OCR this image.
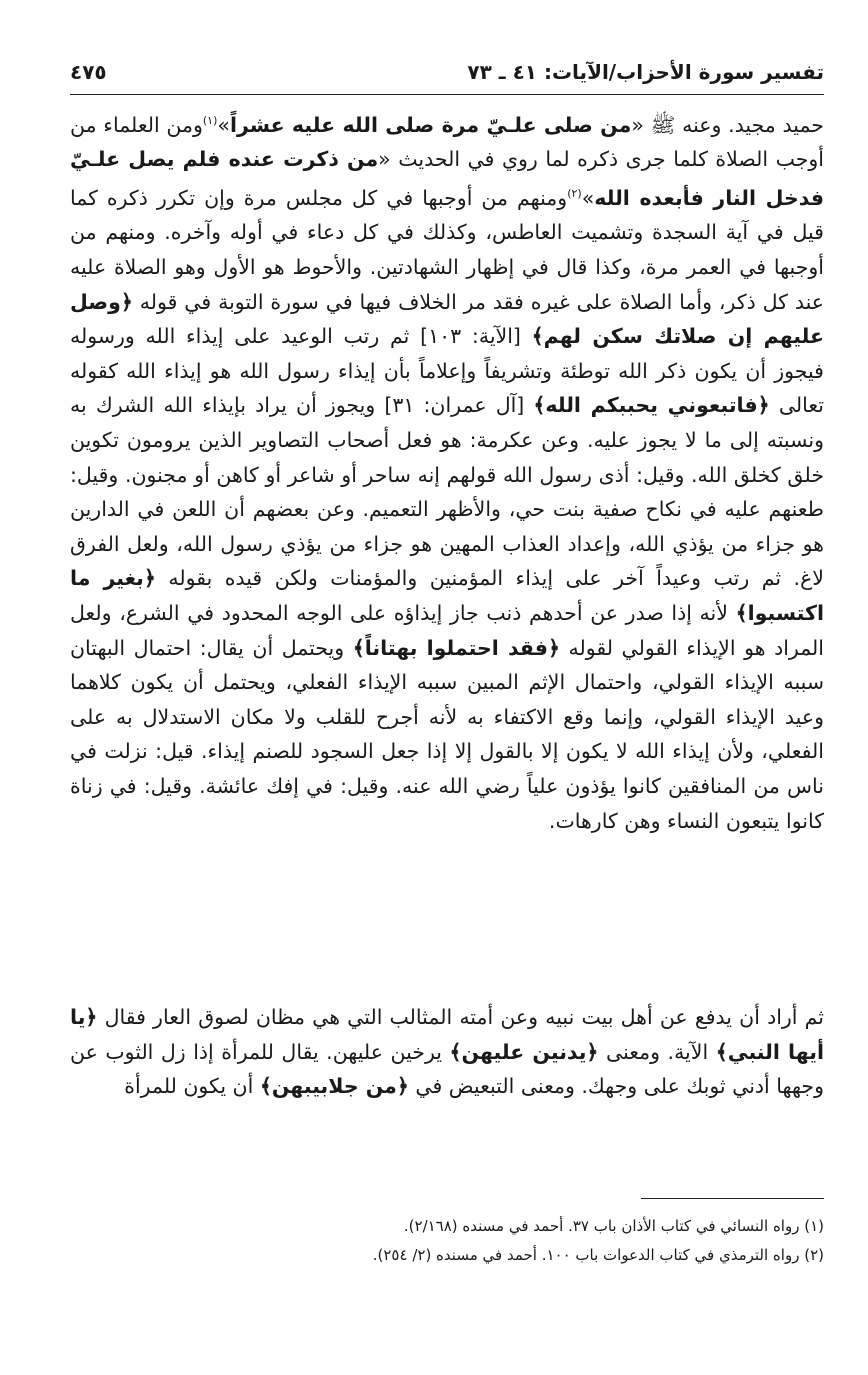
تفسير سورة الأحزاب/الآيات: ٤١ ـ ٧٣
٤٧٥

حميد مجيد. وعنه ﷺ «من صلى علـيّ مرة صلى الله عليه عشراً»$^{(١)}$ومن العلماء من أوجب الصلاة كلما جرى ذكره لما روي في الحديث «من ذكرت عنده فلم يصل علـيّ فدخل النار فأبعده الله»$^{(٢)}$ومنهم من أوجبها في كل مجلس مرة وإن تكرر ذكره كما قيل في آية السجدة وتشميت العاطس، وكذلك في كل دعاء في أوله وآخره. ومنهم من أوجبها في العمر مرة، وكذا قال في إظهار الشهادتين. والأحوط هو الأول وهو الصلاة عليه عند كل ذكر، وأما الصلاة على غيره فقد مر الخلاف فيها في سورة التوبة في قوله ﴿وصل عليهم إن صلاتك سكن لهم﴾ [الآية: ١٠٣] ثم رتب الوعيد على إيذاء الله ورسوله فيجوز أن يكون ذكر الله توطئة وتشريفاً وإعلاماً بأن إيذاء رسول الله هو إيذاء الله كقوله تعالى ﴿فاتبعوني يحببكم الله﴾ [آل عمران: ٣١] ويجوز أن يراد بإيذاء الله الشرك به ونسبته إلى ما لا يجوز عليه. وعن عكرمة: هو فعل أصحاب التصاوير الذين يرومون تكوين خلق كخلق الله. وقيل: أذى رسول الله قولهم إنه ساحر أو شاعر أو كاهن أو مجنون. وقيل: طعنهم عليه في نكاح صفية بنت حي، والأظهر التعميم. وعن بعضهم أن اللعن في الدارين هو جزاء من يؤذي الله، وإعداد العذاب المهين هو جزاء من يؤذي رسول الله، ولعل الفرق لاغ. ثم رتب وعيداً آخر على إيذاء المؤمنين والمؤمنات ولكن قيده بقوله ﴿بغير ما اكتسبوا﴾ لأنه إذا صدر عن أحدهم ذنب جاز إيذاؤه على الوجه المحدود في الشرع، ولعل المراد هو الإيذاء القولي لقوله ﴿فقد احتملوا بهتاناً﴾ ويحتمل أن يقال: احتمال البهتان سببه الإيذاء القولي، واحتمال الإثم المبين سببه الإيذاء الفعلي، ويحتمل أن يكون كلاهما وعيد الإيذاء القولي، وإنما وقع الاكتفاء به لأنه أجرح للقلب ولا مكان الاستدلال به على الفعلي، ولأن إيذاء الله لا يكون إلا بالقول إلا إذا جعل السجود للصنم إيذاء. قيل: نزلت في ناس من المنافقين كانوا يؤذون علياً رضي الله عنه. وقيل: في إفك عائشة. وقيل: في زناة كانوا يتبعون النساء وهن كارهات.

ثم أراد أن يدفع عن أهل بيت نبيه وعن أمته المثالب التي هي مظان لصوق العار فقال ﴿يا أيها النبي﴾ الآية. ومعنى ﴿يدنين عليهن﴾ يرخين عليهن. يقال للمرأة إذا زل الثوب عن وجهها أدني ثوبك على وجهك. ومعنى التبعيض في ﴿من جلابيبهن﴾ أن يكون للمرأة

(١) رواه النسائي في كتاب الأذان باب ٣٧. أحمد في مسنده (٢/١٦٨).
(٢) رواه الترمذي في كتاب الدعوات باب ١٠٠. أحمد في مسنده (٢/ ٢٥٤).
